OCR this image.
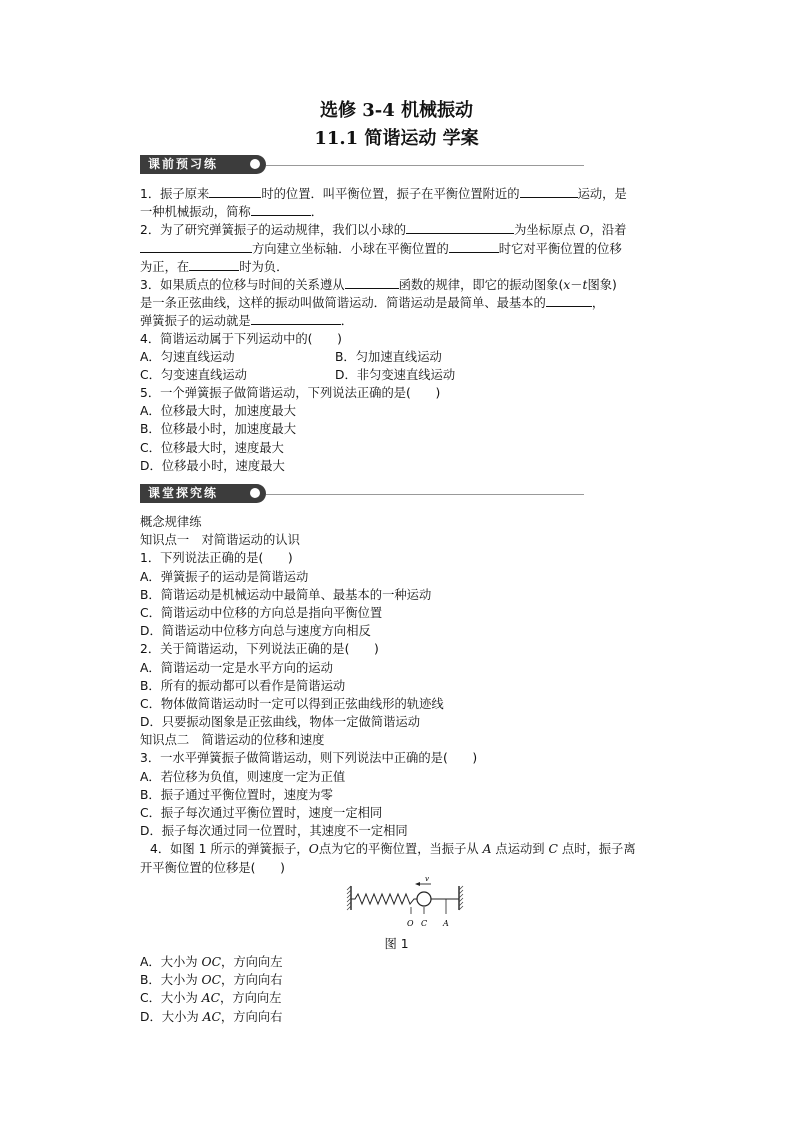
选修 3-4 机械振动
11.1 简谐运动 学案
课前预习练
1．振子原来	时的位置．叫平衡位置，振子在平衡位置附近的	运动，是
一种机械振动，简称	．
2．为了研究弹簧振子的运动规律，我们以小球的	为坐标原点 O，沿着
方向建立坐标轴．小球在平衡位置的	时它对平衡位置的位移
为正，在	时为负．
3．如果质点的位移与时间的关系遵从	函数的规律，即它的振动图象(x－t图象)
是一条正弦曲线，这样的振动叫做简谐运动．简谐运动是最简单、最基本的	，
弹簧振子的运动就是	．
4．简谐运动属于下列运动中的(　　)
A．匀速直线运动	B．匀加速直线运动
C．匀变速直线运动	D．非匀变速直线运动
5．一个弹簧振子做简谐运动，下列说法正确的是(　　)
A．位移最大时，加速度最大
B．位移最小时，加速度最大
C．位移最大时，速度最大
D．位移最小时，速度最大
课堂探究练
概念规律练
知识点一　对简谐运动的认识
1．下列说法正确的是(　　)
A．弹簧振子的运动是简谐运动
B．简谐运动是机械运动中最简单、最基本的一种运动
C．简谐运动中位移的方向总是指向平衡位置
D．简谐运动中位移方向总与速度方向相反
2．关于简谐运动，下列说法正确的是(　　)
A．简谐运动一定是水平方向的运动
B．所有的振动都可以看作是简谐运动
C．物体做简谐运动时一定可以得到正弦曲线形的轨迹线
D．只要振动图象是正弦曲线，物体一定做简谐运动
知识点二　简谐运动的位移和速度
3．一水平弹簧振子做简谐运动，则下列说法中正确的是(　　)
A．若位移为负值，则速度一定为正值
B．振子通过平衡位置时，速度为零
C．振子每次通过平衡位置时，速度一定相同
D．振子每次通过同一位置时，其速度不一定相同
4．如图 1 所示的弹簧振子，O点为它的平衡位置，当振子从 A 点运动到 C 点时，振子离
开平衡位置的位移是(　　)
v
O C A
图 1
A．大小为 OC，方向向左
B．大小为 OC，方向向右
C．大小为 AC，方向向左
D．大小为 AC，方向向右
